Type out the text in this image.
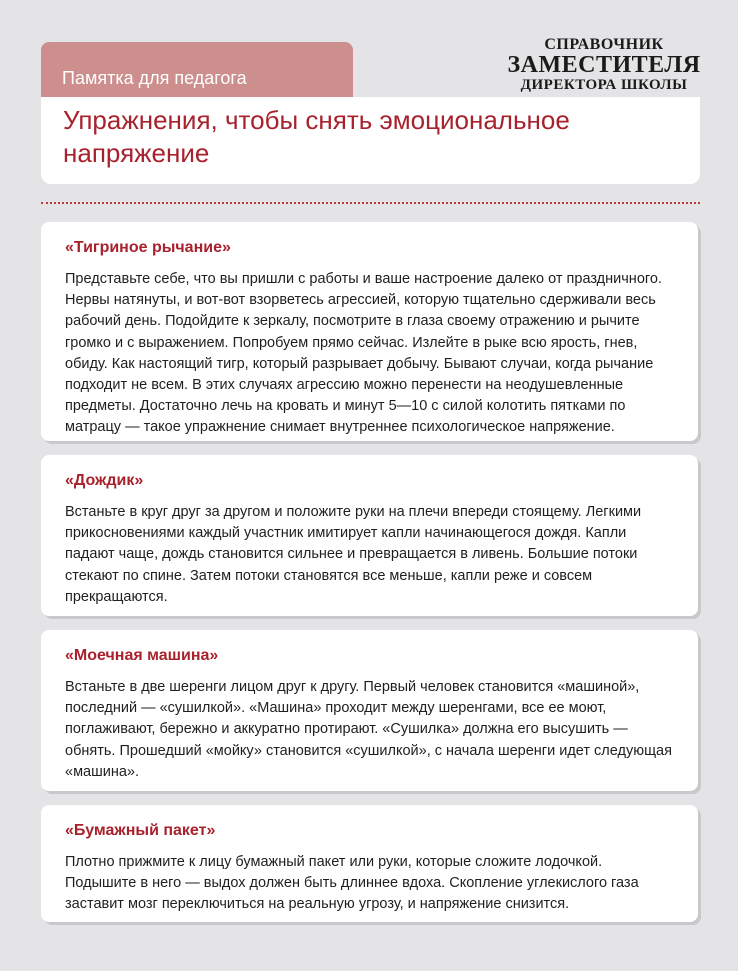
Памятка для педагога
СПРАВОЧНИК
ЗАМЕСТИТЕЛЯ
ДИРЕКТОРА ШКОЛЫ
Упражнения, чтобы снять эмоциональное напряжение
«Тигриное рычание»

Представьте себе, что вы пришли с работы и ваше настроение далеко от праздничного. Нервы натянуты, и вот-вот взорветесь агрессией, которую тщательно сдерживали весь рабочий день. Подойдите к зеркалу, посмотрите в глаза своему отражению и рычите громко и с выражением. Попробуем прямо сейчас. Излейте в рыке всю ярость, гнев, обиду. Как настоящий тигр, который разрывает добычу. Бывают случаи, когда рычание подходит не всем. В этих случаях агрессию можно перенести на неодушевленные предметы. Достаточно лечь на кровать и минут 5—10 с силой колотить пятками по матрацу — такое упражнение снимает внутреннее психологическое напряжение.

«Дождик»

Встаньте в круг друг за другом и положите руки на плечи впереди стоящему. Легкими прикосновениями каждый участник имитирует капли начинающегося дождя. Капли падают чаще, дождь становится сильнее и превращается в ливень. Большие потоки стекают по спине. Затем потоки становятся все меньше, капли реже и совсем прекращаются.

«Моечная машина»

Встаньте в две шеренги лицом друг к другу. Первый человек становится «машиной», последний — «сушилкой». «Машина» проходит между шеренгами, все ее моют, поглаживают, бережно и аккуратно протирают. «Сушилка» должна его высушить — обнять. Прошедший «мойку» становится «сушилкой», с начала шеренги идет следующая «машина».

«Бумажный пакет»

Плотно прижмите к лицу бумажный пакет или руки, которые сложите лодочкой. Подышите в него — выдох должен быть длиннее вдоха. Скопление углекислого газа заставит мозг переключиться на реальную угрозу, и напряжение снизится.
